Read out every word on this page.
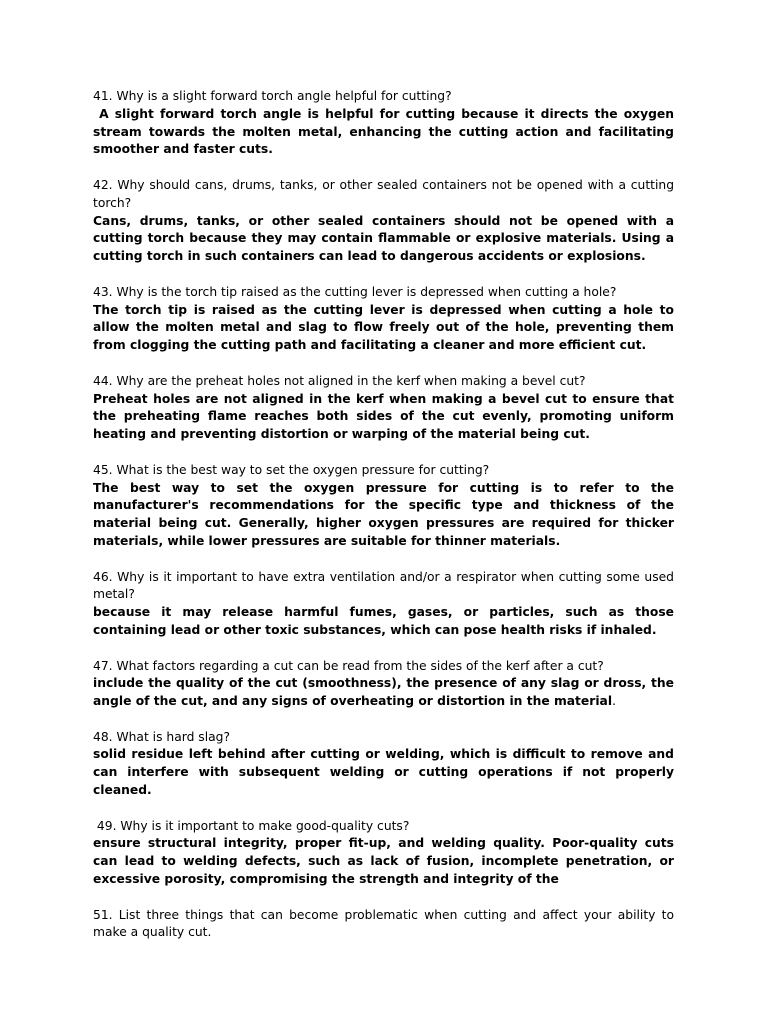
41. Why is a slight forward torch angle helpful for cutting?

A slight forward torch angle is helpful for cutting because it directs the oxygen stream towards the molten metal, enhancing the cutting action and facilitating smoother and faster cuts.

42. Why should cans, drums, tanks, or other sealed containers not be opened with a cutting torch?

Cans, drums, tanks, or other sealed containers should not be opened with a cutting torch because they may contain flammable or explosive materials. Using a cutting torch in such containers can lead to dangerous accidents or explosions.

43. Why is the torch tip raised as the cutting lever is depressed when cutting a hole?

The torch tip is raised as the cutting lever is depressed when cutting a hole to allow the molten metal and slag to flow freely out of the hole, preventing them from clogging the cutting path and facilitating a cleaner and more efficient cut.

44. Why are the preheat holes not aligned in the kerf when making a bevel cut?

Preheat holes are not aligned in the kerf when making a bevel cut to ensure that the preheating flame reaches both sides of the cut evenly, promoting uniform heating and preventing distortion or warping of the material being cut.

45. What is the best way to set the oxygen pressure for cutting?

The best way to set the oxygen pressure for cutting is to refer to the manufacturer's recommendations for the specific type and thickness of the material being cut. Generally, higher oxygen pressures are required for thicker materials, while lower pressures are suitable for thinner materials.

46. Why is it important to have extra ventilation and/or a respirator when cutting some used metal?

because it may release harmful fumes, gases, or particles, such as those containing lead or other toxic substances, which can pose health risks if inhaled.

47. What factors regarding a cut can be read from the sides of the kerf after a cut?

include the quality of the cut (smoothness), the presence of any slag or dross, the angle of the cut, and any signs of overheating or distortion in the material.

48. What is hard slag?

solid residue left behind after cutting or welding, which is difficult to remove and can interfere with subsequent welding or cutting operations if not properly cleaned.

49. Why is it important to make good-quality cuts?

ensure structural integrity, proper fit-up, and welding quality. Poor-quality cuts can lead to welding defects, such as lack of fusion, incomplete penetration, or excessive porosity, compromising the strength and integrity of the

51. List three things that can become problematic when cutting and affect your ability to make a quality cut.
